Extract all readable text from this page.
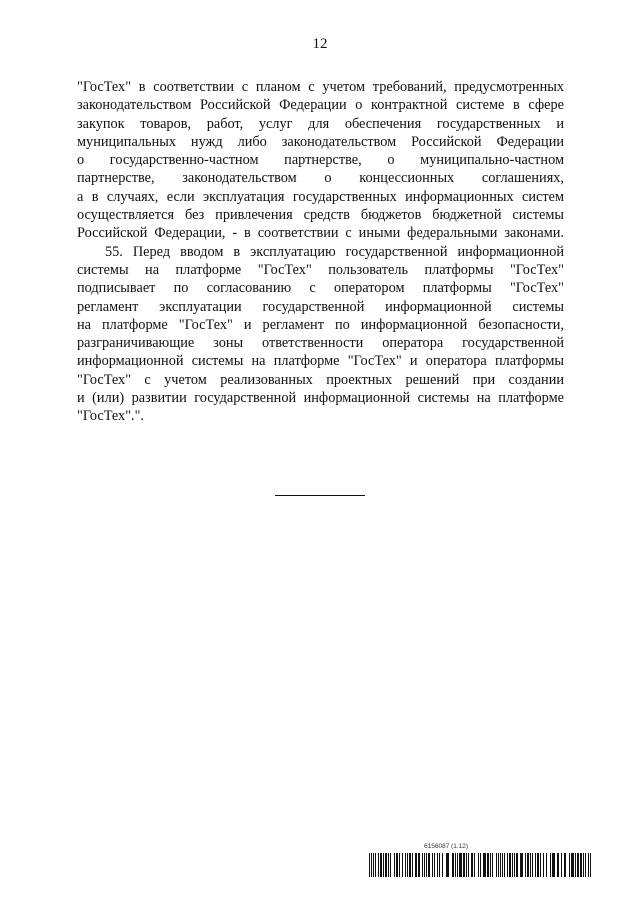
12

"ГосТех" в соответствии с планом с учетом требований, предусмотренных

законодательством Российской Федерации о контрактной системе в сфере

закупок товаров, работ, услуг для обеспечения государственных и

муниципальных нужд либо законодательством Российской Федерации

о государственно-частном партнерстве, о муниципально-частном

партнерстве, законодательством о концессионных соглашениях,

а в случаях, если эксплуатация государственных информационных систем

осуществляется без привлечения средств бюджетов бюджетной системы

Российской Федерации, - в соответствии с иными федеральными законами.

55. Перед вводом в эксплуатацию государственной информационной

системы на платформе "ГосТех" пользователь платформы "ГосТех"

подписывает по согласованию с оператором платформы "ГосТех"

регламент эксплуатации государственной информационной системы

на платформе "ГосТех" и регламент по информационной безопасности,

разграничивающие зоны ответственности оператора государственной

информационной системы на платформе "ГосТех" и оператора платформы

"ГосТех" с учетом реализованных проектных решений при создании

и (или) развитии государственной информационной системы на платформе

"ГосТех".".

6156087 (1.12)
